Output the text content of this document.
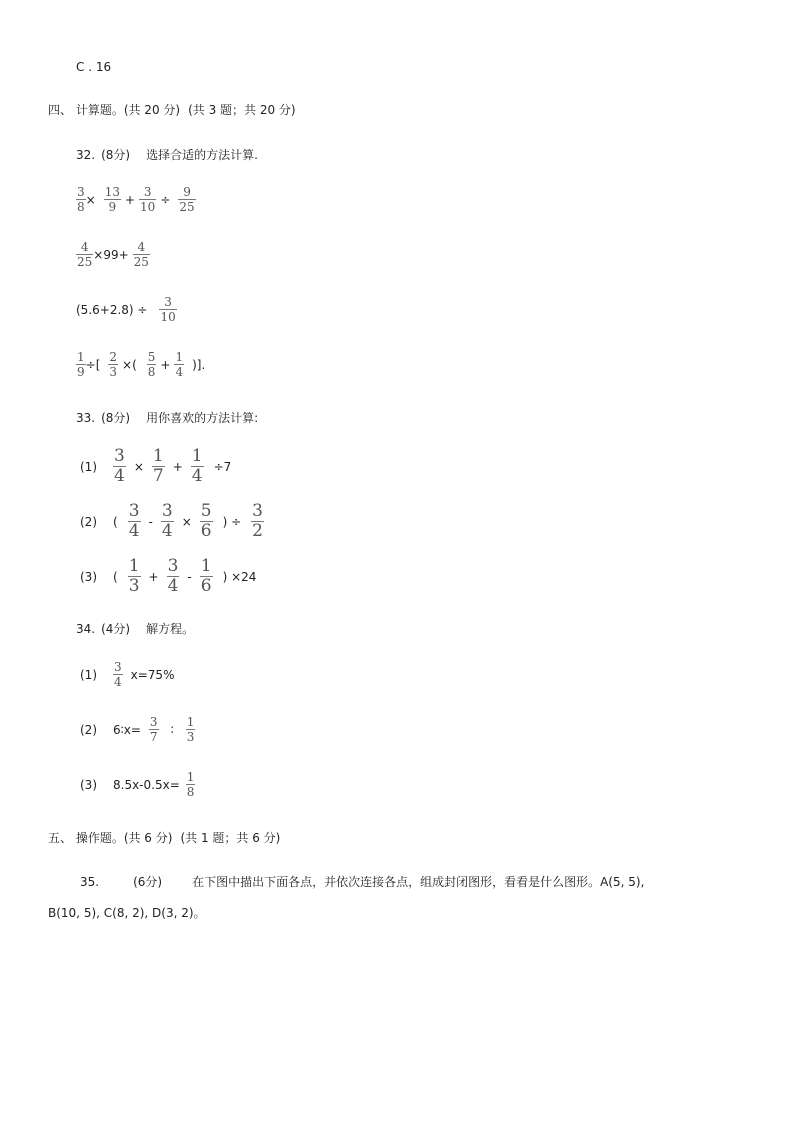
C . 16
四、 计算题。(共 20 分) (共 3 题；共 20 分)
32. (8分) 选择合适的方法计算.
$\frac{3}{8} \times \frac{13}{9} + \frac{3}{10} \div \frac{9}{25}$
$\frac{4}{25} \times 99+ \frac{4}{25}$
$(5.6+2.8) \div \frac{3}{10}$
$\frac{1}{9}$ ÷[ $\frac{2}{3}$ ×( $\frac{5}{8} + \frac{1}{4}$ )].
33. (8分) 用你喜欢的方法计算:
$(1) \frac{3}{4} \times \frac{1}{7} + \frac{1}{4} \div 7$
(2) ( $\frac{3}{4} - \frac{3}{4} \times \frac{5}{6}$ ) ÷ $\frac{3}{2}$
(3) ( $\frac{1}{3} + \frac{3}{4} - \frac{1}{6}$ ) ×24
34. (4分) 解方程。
$(1) \frac{3}{4} x=75\%$
(2) 6∶x= $\frac{3}{7}$ ∶ $\frac{1}{3}$
(3) $8.5x-0.5x= \frac{1}{8}$
五、 操作题。(共 6 分) (共 1 题；共 6 分)
35.	(6分)	在下图中描出下面各点，并依次连接各点，组成封闭图形，看看是什么图形。A(5, 5),
B(10, 5), C(8, 2), D(3, 2)。
